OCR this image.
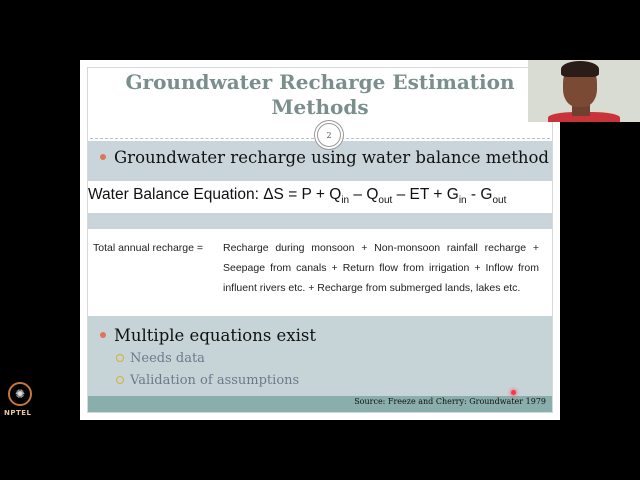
Groundwater Recharge Estimation
Methods
2
Groundwater recharge using water balance method
Water Balance Equation: $\Delta S = P + Q_{in} - Q_{out}$ – ET + $G_{in} - G_{out}$
Total annual recharge = Recharge during monsoon + Non-monsoon rainfall recharge + Seepage from canals + Return flow from irrigation + Inflow from influent rivers etc. + Recharge from submerged lands, lakes etc.
Multiple equations exist
Needs data
Validation of assumptions
Source: Freeze and Cherry: Groundwater 1979
✺
NPTEL
